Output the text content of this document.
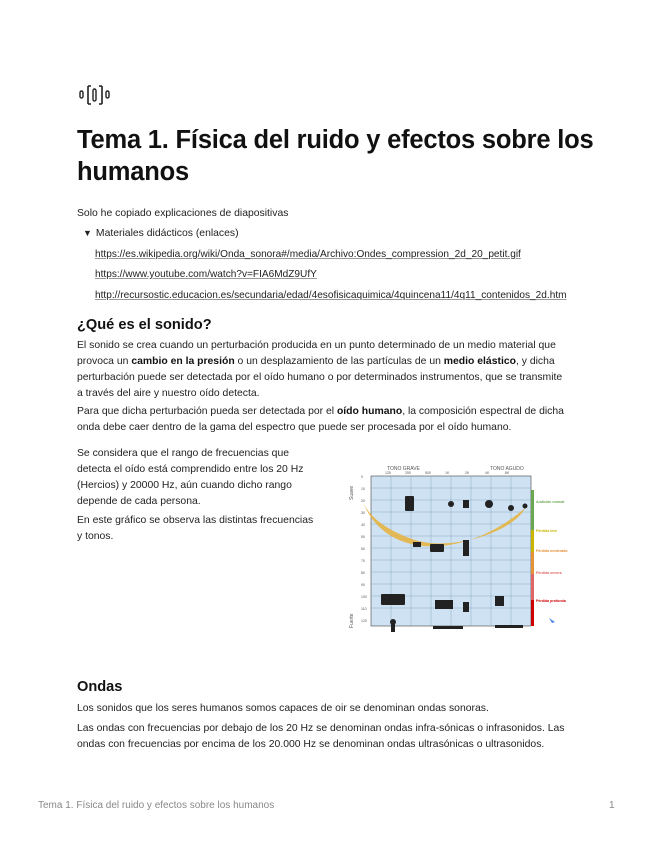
Tema 1. Física del ruido y efectos sobre los humanos

Solo he copiado explicaciones de diapositivas

▼ Materiales didácticos (enlaces)
https://es.wikipedia.org/wiki/Onda_sonora#/media/Archivo:Ondes_compression_2d_20_petit.gif
https://www.youtube.com/watch?v=FIA6MdZ9UfY
http://recursostic.educacion.es/secundaria/edad/4esofisicaquimica/4quincena11/4q11_contenidos_2d.htm
¿Qué es el sonido?

El sonido se crea cuando un perturbación producida en un punto determinado de un medio material que provoca un cambio en la presión o un desplazamiento de las partículas de un medio elástico, y dicha perturbación puede ser detectada por el oído humano o por determinados instrumentos, que se transmite a través del aire y nuestro oído detecta.

Para que dicha perturbación pueda ser detectada por el oído humano, la composición espectral de dicha onda debe caer dentro de la gama del espectro que puede ser procesada por el oído humano.

Se considera que el rango de frecuencias que detecta el oído está comprendido entre los 20 Hz (Hercios) y 20000 Hz, aún cuando dicho rango depende de cada persona.

En este gráfico se observa las distintas frecuencias y tonos.

TONO GRAVE	TONO AGUDO
Suave
Fuerte
0
10
20
30
40
50
60
70
80
90
100
110
120
125	250	500	1K	2K	4K	8K
Audición normal
Pérdida leve
Pérdida moderada
Pérdida severa
Pérdida profunda
Ondas

Los sonidos que los seres humanos somos capaces de oir se denominan ondas sonoras.

Las ondas con frecuencias por debajo de los 20 Hz se denominan ondas infra-sónicas o infrasonidos. Las ondas con frecuencias por encima de los 20.000 Hz se denominan ondas ultrasónicas o ultrasonidos.

Tema 1. Física del ruido y efectos sobre los humanos	1
